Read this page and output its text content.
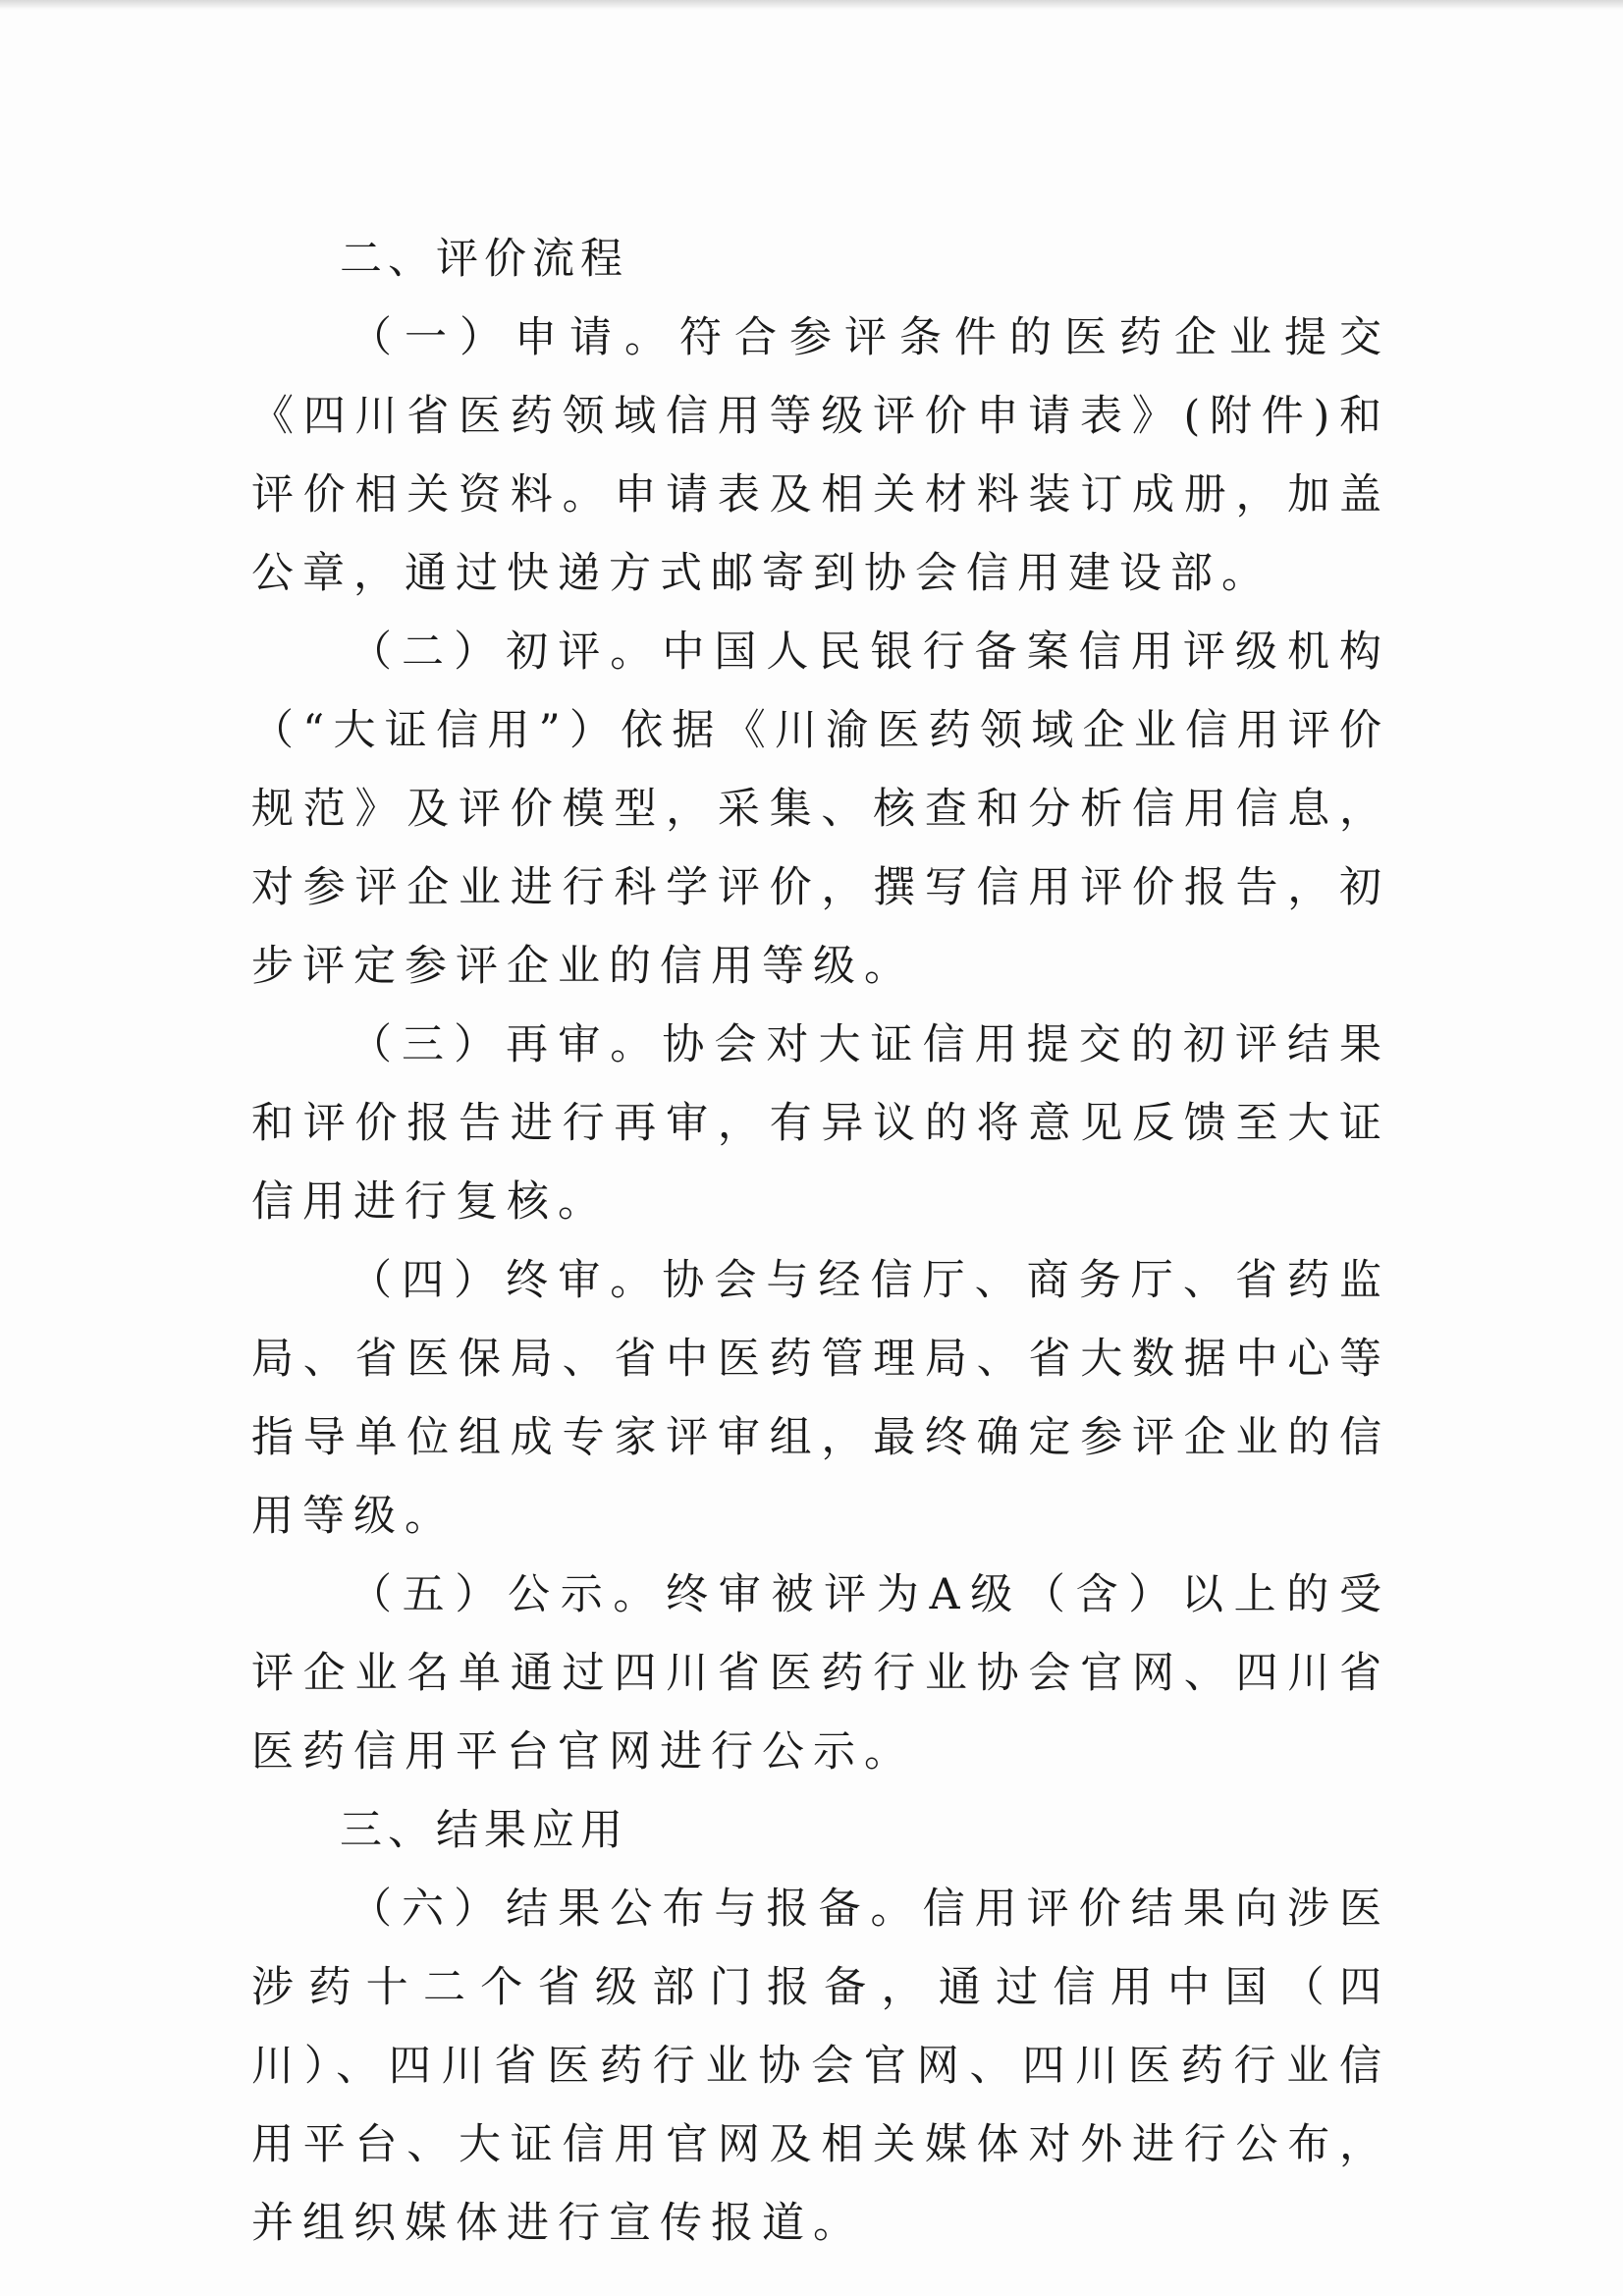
二、评价流程

（一）申请。符合参评条件的医药企业提交《四川省医药领域信用等级评价申请表》(附件)和评价相关资料。申请表及相关材料装订成册，加盖公章，通过快递方式邮寄到协会信用建设部。

（二）初评。中国人民银行备案信用评级机构（“大证信用”）依据《川渝医药领域企业信用评价规范》及评价模型，采集、核查和分析信用信息，对参评企业进行科学评价，撰写信用评价报告，初步评定参评企业的信用等级。

（三）再审。协会对大证信用提交的初评结果和评价报告进行再审，有异议的将意见反馈至大证信用进行复核。

（四）终审。协会与经信厅、商务厅、省药监局、省医保局、省中医药管理局、省大数据中心等指导单位组成专家评审组，最终确定参评企业的信用等级。

（五）公示。终审被评为A级（含）以上的受评企业名单通过四川省医药行业协会官网、四川省医药信用平台官网进行公示。

三、结果应用

（六）结果公布与报备。信用评价结果向涉医涉药十二个省级部门报备，通过信用中国（四川）、四川省医药行业协会官网、四川医药行业信用平台、大证信用官网及相关媒体对外进行公布，并组织媒体进行宣传报道。
